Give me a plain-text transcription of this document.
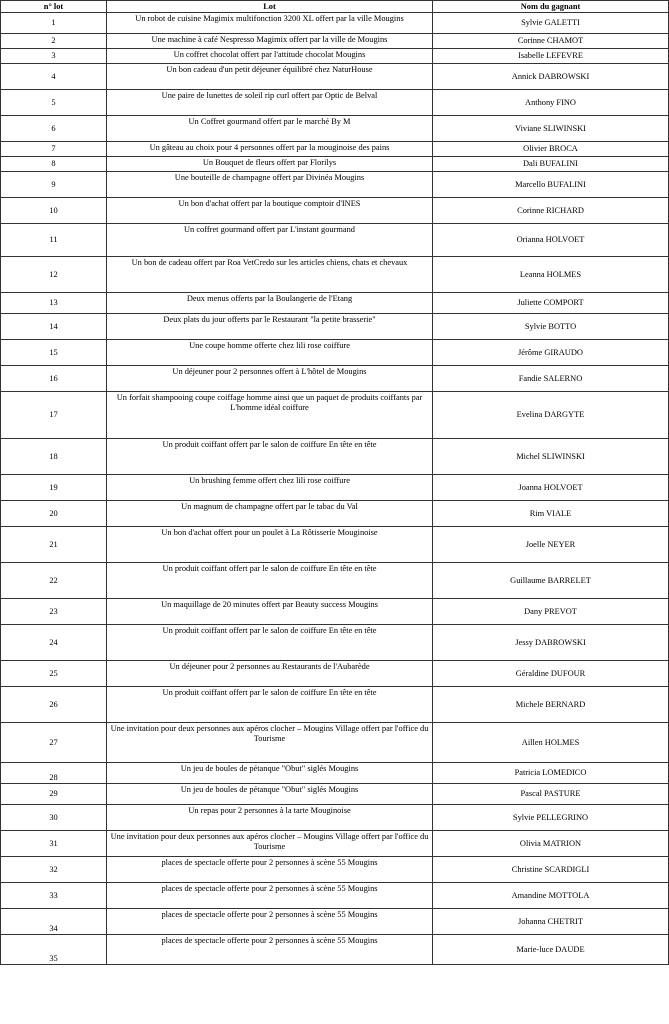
n° lot	Lot	Nom du gagnant
1	Un robot de cuisine Magimix multifonction 3200 XL offert par la ville Mougins	Sylvie GALETTI
2	Une machine à café Nespresso Magimix offert par la ville de Mougins	Corinne CHAMOT
3	Un coffret chocolat offert par l'attitude chocolat Mougins	Isabelle LEFEVRE
4	Un bon cadeau d'un petit déjeuner équilibré chez NaturHouse	Annick DABROWSKI
5	Une paire de lunettes de soleil rip curl offert par Optic de Belval	Anthony FINO
6	Un Coffret gourmand offert par le marché By M	Viviane SLIWINSKI
7	Un gâteau au choix pour 4 personnes offert par la mouginoise des pains	Olivier BROCA
8	Un Bouquet de fleurs offert par Florilys	Dali BUFALINI
9	Une bouteille de champagne offert par Divinéa Mougins	Marcello BUFALINI
10	Un bon d'achat offert par la boutique comptoir d'INES	Corinne RICHARD
11	Un coffret gourmand offert par L'instant gourmand	Orianna HOLVOET
12	Un bon de cadeau offert par Roa VetCredo sur les articles chiens, chats et chevaux	Leanna HOLMES
13	Deux menus offerts par la Boulangerie de l'Etang	Juliette COMPORT
14	Deux plats du jour offerts par le Restaurant "la petite brasserie"	Sylvie BOTTO
15	Une coupe homme offerte chez lili rose coiffure	Jérôme GIRAUDO
16	Un déjeuner pour 2 personnes offert à L'hôtel de Mougins	Fandie SALERNO
17	Un forfait shampooing coupe coiffage homme ainsi que un paquet de produits coiffants par L'homme idéal coiffure	Evelina DARGYTE
18	Un produit coiffant offert par le salon de coiffure En tête en tête	Michel SLIWINSKI
19	Un brushing femme offert chez lili rose coiffure	Joanna HOLVOET
20	Un magnum de champagne offert par le tabac du Val	Rim VIALE
21	Un bon d'achat offert pour un poulet à La Rôtisserie Mouginoise	Joelle NEYER
22	Un produit coiffant offert par le salon de coiffure En tête en tête	Guillaume BARRELET
23	Un maquillage de 20 minutes offert par Beauty success Mougins	Dany PREVOT
24	Un produit coiffant offert par le salon de coiffure En tête en tête	Jessy DABROWSKI
25	Un déjeuner pour 2 personnes au Restaurants de l'Aubarède	Géraldine DUFOUR
26	Un produit coiffant offert par le salon de coiffure En tête en tête	Michele BERNARD
27	Une invitation pour deux personnes aux apéros clocher – Mougins Village offert par l'office du Tourisme	Aillen HOLMES
28	Un jeu de boules de pétanque "Obut" siglés Mougins	Patricia LOMEDICO
29	Un jeu de boules de pétanque "Obut" siglés Mougins	Pascal PASTURE
30	Un repas pour 2 personnes à la tarte Mouginoise	Sylvie PELLEGRINO
31	Une invitation pour deux personnes aux apéros clocher – Mougins Village offert par l'office du Tourisme	Olivia MATRION
32	places de spectacle offerte pour 2 personnes à scène 55 Mougins	Christine SCARDIGLI
33	places de spectacle offerte pour 2 personnes à scène 55 Mougins	Amandine MOTTOLA
34	places de spectacle offerte pour 2 personnes à scène 55 Mougins	Johanna CHETRIT
35	places de spectacle offerte pour 2 personnes à scène 55 Mougins	Marie-luce DAUDE
